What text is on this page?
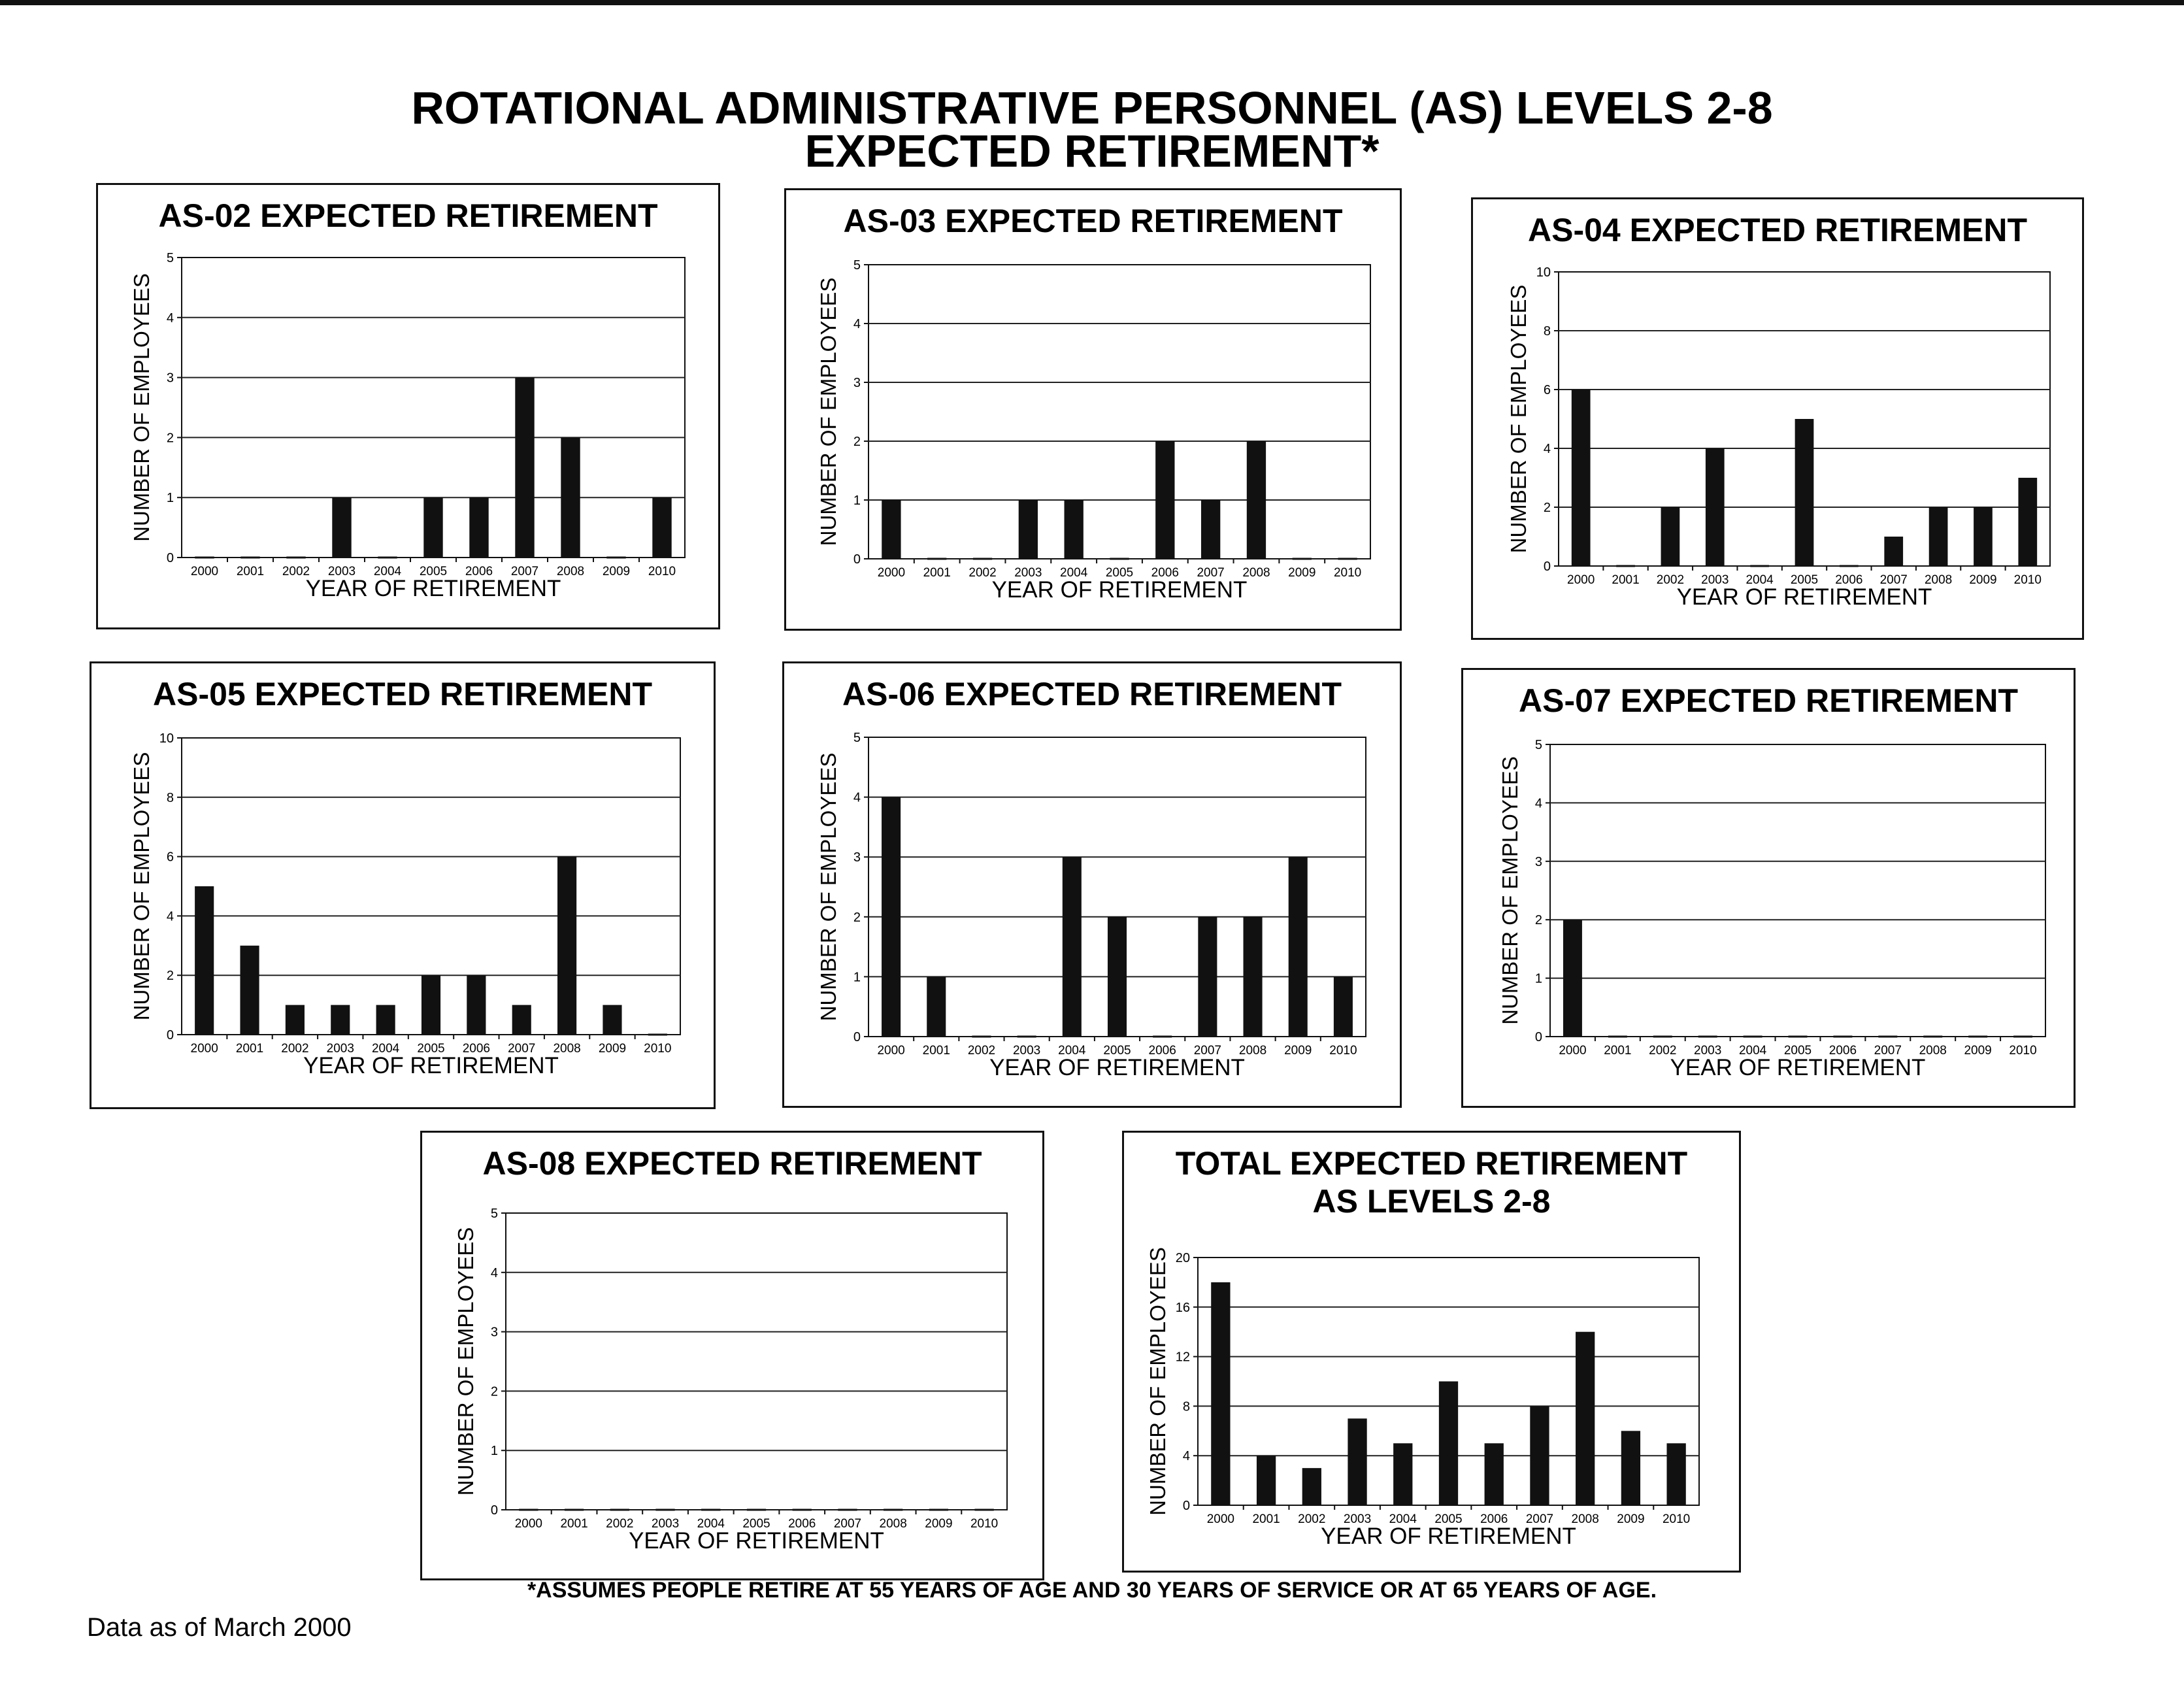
ROTATIONAL ADMINISTRATIVE PERSONNEL (AS) LEVELS 2-8
EXPECTED RETIREMENT*
0
1
2
3
4
5
2000 2001 2002 2003 2004 2005 2006 2007 2008 2009 2010
YEAR OF RETIREMENT
NUMBER OF EMPLOYEES
AS-02 EXPECTED RETIREMENT
0
1
2
3
4
5
2000 2001 2002 2003 2004 2005 2006 2007 2008 2009 2010
YEAR OF RETIREMENT
NUMBER OF EMPLOYEES
AS-03 EXPECTED RETIREMENT
0
2
4
6
8
10
2000 2001 2002 2003 2004 2005 2006 2007 2008 2009 2010
YEAR OF RETIREMENT
NUMBER OF EMPLOYEES
AS-04 EXPECTED RETIREMENT
0
2
4
6
8
10
2000 2001 2002 2003 2004 2005 2006 2007 2008 2009 2010
YEAR OF RETIREMENT
NUMBER OF EMPLOYEES
AS-05 EXPECTED RETIREMENT
0
1
2
3
4
5
2000 2001 2002 2003 2004 2005 2006 2007 2008 2009 2010
YEAR OF RETIREMENT
NUMBER OF EMPLOYEES
AS-06 EXPECTED RETIREMENT
0
1
2
3
4
5
2000 2001 2002 2003 2004 2005 2006 2007 2008 2009 2010
YEAR OF RETIREMENT
NUMBER OF EMPLOYEES
AS-07 EXPECTED RETIREMENT
0
1
2
3
4
5
2000 2001 2002 2003 2004 2005 2006 2007 2008 2009 2010
YEAR OF RETIREMENT
NUMBER OF EMPLOYEES
AS-08 EXPECTED RETIREMENT
0
4
8
12
16
20
2000 2001 2002 2003 2004 2005 2006 2007 2008 2009 2010
YEAR OF RETIREMENT
NUMBER OF EMPLOYEES
TOTAL EXPECTED RETIREMENT
AS LEVELS 2-8
*ASSUMES PEOPLE RETIRE AT 55 YEARS OF AGE AND 30 YEARS OF SERVICE OR AT 65 YEARS OF AGE.
Data as of March 2000
